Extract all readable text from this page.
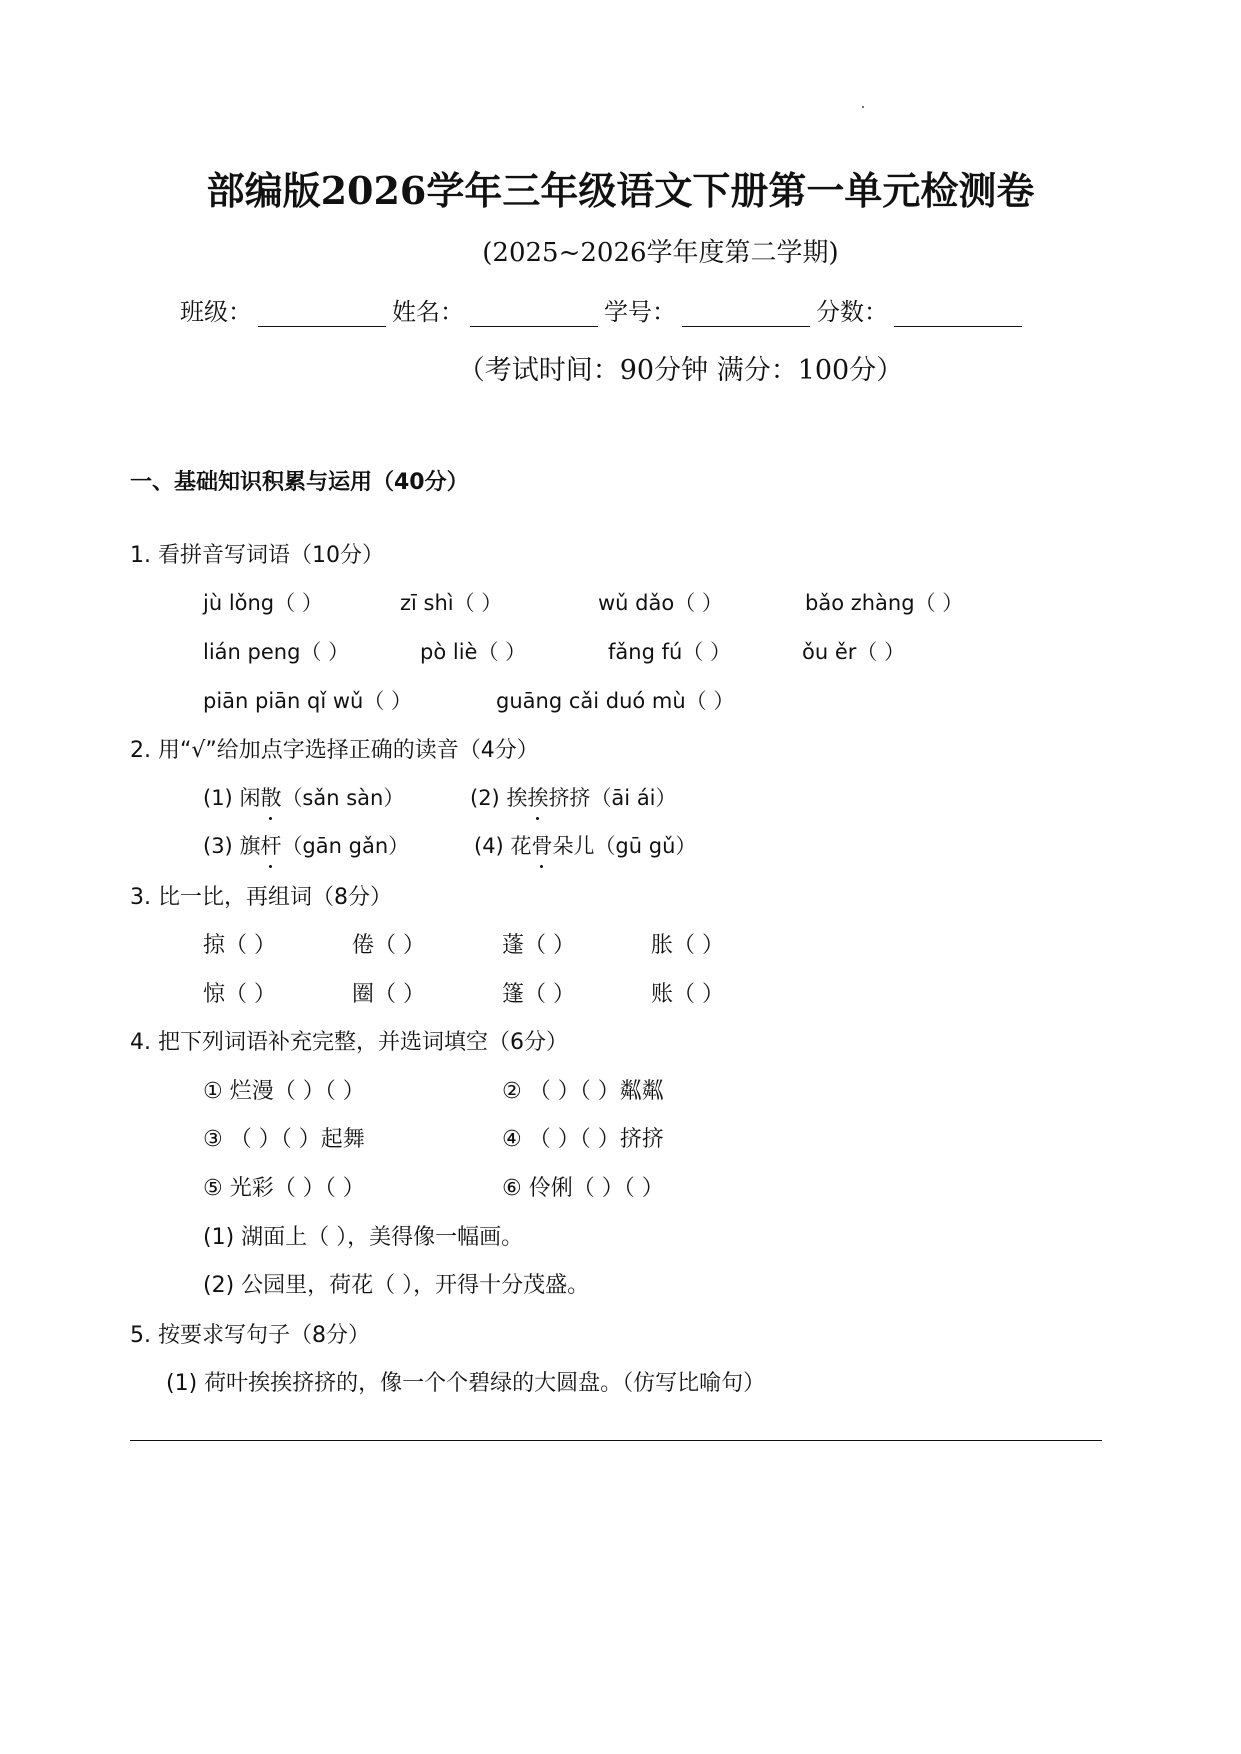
部编版2026学年三年级语文下册第一单元检测卷
(2025~2026学年度第二学期)
班级：	姓名：	学号：	分数：
（考试时间：90分钟 满分：100分）
一、基础知识积累与运用（40分）
1. 看拼音写词语（10分）
jù lǒng（ ）	zī shì（ ）	wǔ dǎo（ ）	bǎo zhàng（ ）
lián peng（ ）	pò liè（ ）	fǎng fú（ ）	ǒu ěr（ ）
piān piān qǐ wǔ（ ）	guāng cǎi duó mù（ ）
2. 用“√”给加点字选择正确的读音（4分）
(1) 闲散（sǎn sàn）	(2) 挨挨挤挤（āi ái）
(3) 旗杆（gān gǎn）	(4) 花骨朵儿（gū gǔ）
3. 比一比，再组词（8分）
掠（ ）	倦（ ）	蓬（ ）	胀（ ）
惊（ ）	圈（ ）	篷（ ）	账（ ）
4. 把下列词语补充完整，并选词填空（6分）
① 烂漫（ ）（ ）	② （ ）（ ）粼粼
③ （ ）（ ）起舞	④ （ ）（ ）挤挤
⑤ 光彩（ ）（ ）	⑥ 伶俐（ ）（ ）
(1) 湖面上（ ），美得像一幅画。
(2) 公园里，荷花（ ），开得十分茂盛。
5. 按要求写句子（8分）
(1) 荷叶挨挨挤挤的，像一个个碧绿的大圆盘。（仿写比喻句）
